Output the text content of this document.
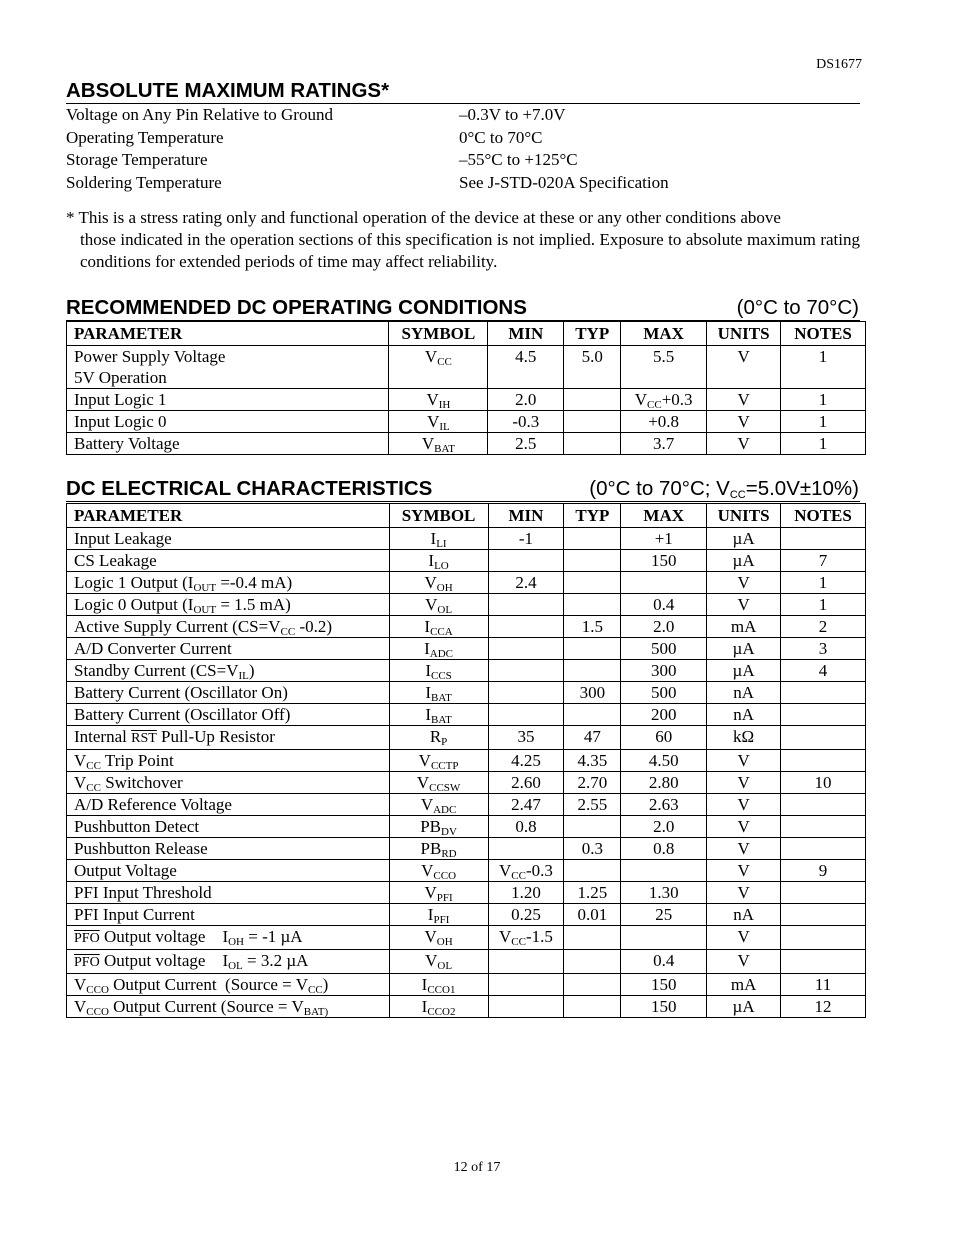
DS1677
ABSOLUTE MAXIMUM RATINGS*
Voltage on Any Pin Relative to Ground	–0.3V to +7.0V
Operating Temperature	0°C to 70°C
Storage Temperature	–55°C to +125°C
Soldering Temperature	See J-STD-020A Specification
* This is a stress rating only and functional operation of the device at these or any other conditions above
those indicated in the operation sections of this specification is not implied. Exposure to absolute maximum rating conditions for extended periods of time may affect reliability.
RECOMMENDED DC OPERATING CONDITIONS	(0°C to 70°C)
PARAMETER	SYMBOL	MIN	TYP	MAX	UNITS	NOTES
Power Supply Voltage
5V Operation	$V_{CC}$	4.5	5.0	5.5	V	1
Input Logic 1	$V_{IH}$	2.0		$V_{CC}+0.3$	V	1
Input Logic 0	$V_{IL}$	-0.3		+0.8	V	1
Battery Voltage	$V_{BAT}$	2.5		3.7	V	1
DC ELECTRICAL CHARACTERISTICS	(0°C to 70°C; $V_{CC}=5.0V\pm 10\%$)
PARAMETER	SYMBOL	MIN	TYP	MAX	UNITS	NOTES
Input Leakage	$I_{LI}$	-1		+1	µA	
CS Leakage	$I_{LO}$			150	µA	7
Logic 1 Output ($I_{OUT} =-0.4$ mA)	$V_{OH}$	2.4			V	1
Logic 0 Output ($I_{OUT} = 1.5$ mA)	$V_{OL}$			0.4	V	1
Active Supply Current ($CS=V_{CC}$ -0.2)	$I_{CCA}$		1.5	2.0	mA	2
A/D Converter Current	$I_{ADC}$			500	µA	3
Standby Current $(CS=V_{IL})$	$I_{CCS}$			300	µA	4
Battery Current (Oscillator On)	$I_{BAT}$		300	500	nA	
Battery Current (Oscillator Off)	$I_{BAT}$			200	nA	
Internal $\overline{RST}$ Pull-Up Resistor	$R_P$	35	47	60	kΩ	
$V_{CC}$ Trip Point	$V_{CCTP}$	4.25	4.35	4.50	V	
$V_{CC}$ Switchover	$V_{CCSW}$	2.60	2.70	2.80	V	10
A/D Reference Voltage	$V_{ADC}$	2.47	2.55	2.63	V	
Pushbutton Detect	$PB_{DV}$	0.8		2.0	V	
Pushbutton Release	$PB_{RD}$		0.3	0.8	V	
Output Voltage	$V_{CCO}$	$V_{CC}-0.3$			V	9
PFI Input Threshold	$V_{PFI}$	1.20	1.25	1.30	V	
PFI Input Current	$I_{PFI}$	0.25	0.01	25	nA	
$\overline{PFO}$ Output voltage    $I_{OH} = -1$ µA	$V_{OH}$	$V_{CC}-1.5$			V	
$\overline{PFO}$ Output voltage    $I_{OL} = 3.2$ µA	$V_{OL}$			0.4	V	
$V_{CCO}$ Output Current  (Source = $V_{CC}$)	$I_{CCO1}$			150	mA	11
$V_{CCO}$ Output Current (Source = $V_{BAT)}$	$I_{CCO2}$			150	µA	12
12 of 17
